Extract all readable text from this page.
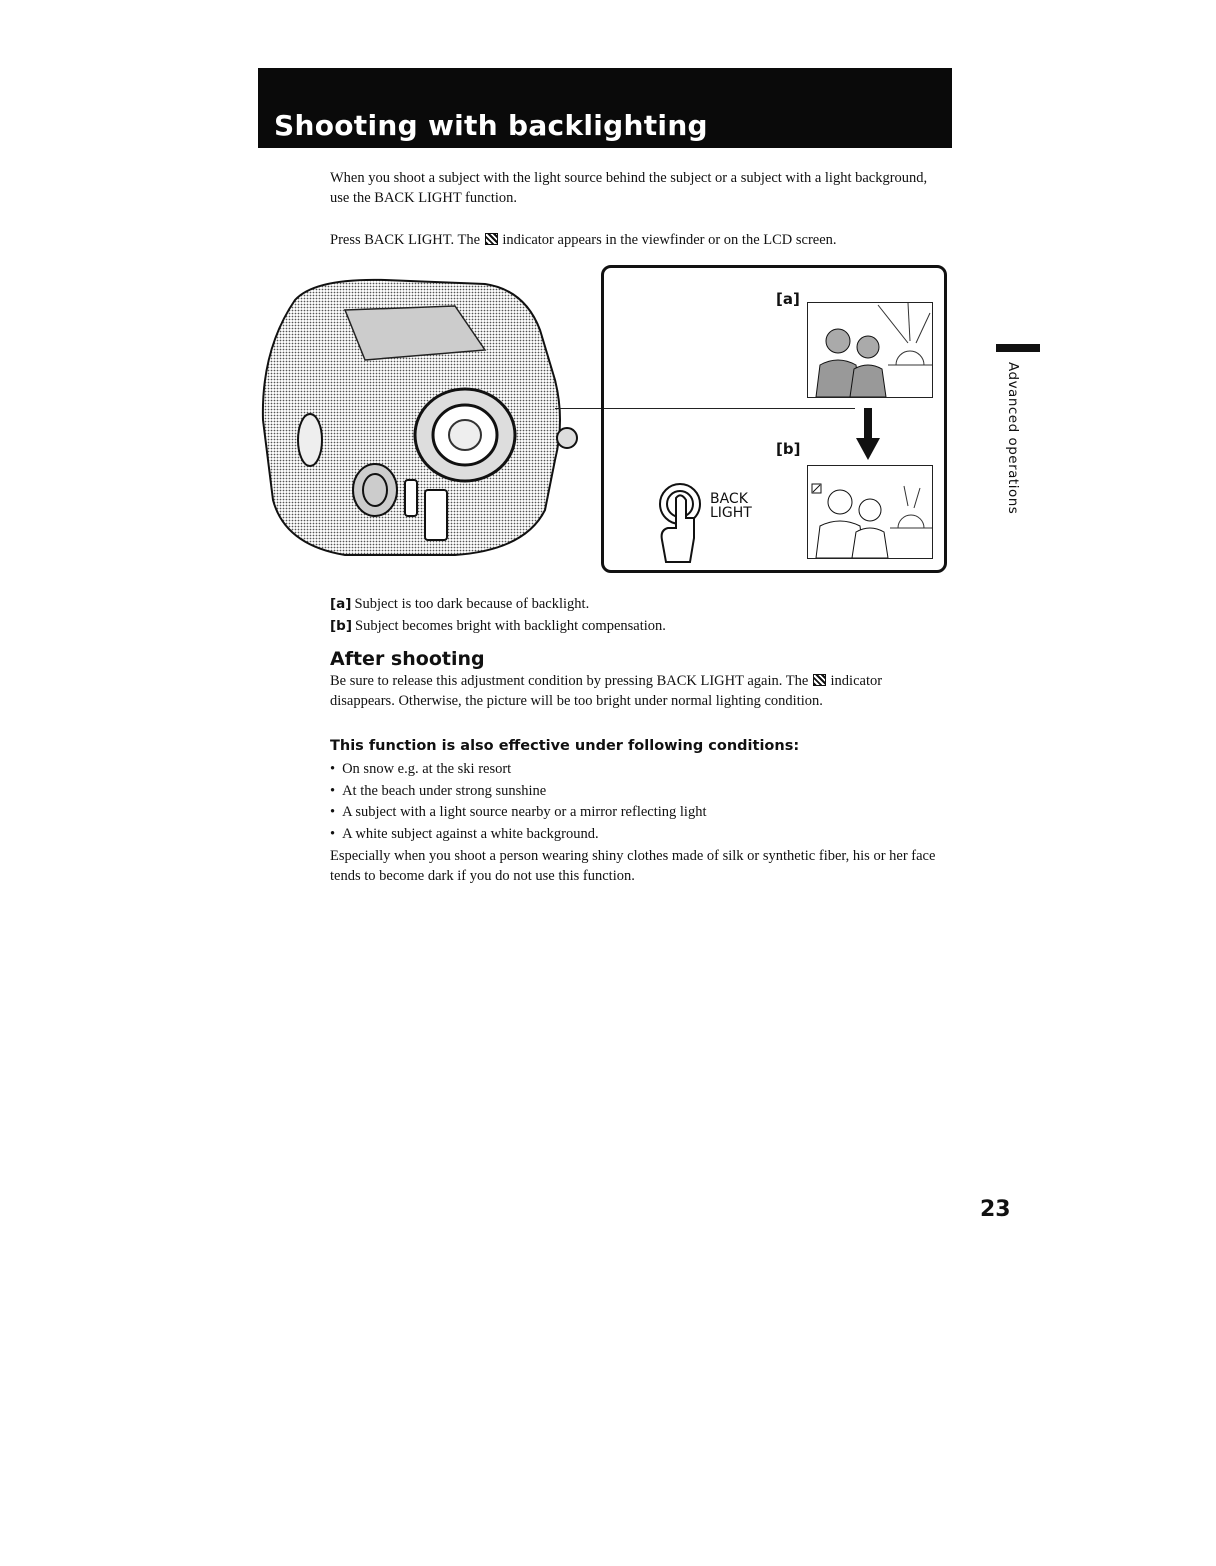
Shooting with backlighting
When you shoot a subject with the light source behind the subject or a subject with a light background, use the BACK LIGHT function.
Press BACK LIGHT. The indicator appears in the viewfinder or on the LCD screen.
[a]
[b]
BACK
LIGHT
[a] Subject is too dark because of backlight.
[b] Subject becomes bright with backlight compensation.
After shooting
Be sure to release this adjustment condition by pressing BACK LIGHT again. The indicator disappears. Otherwise, the picture will be too bright under normal lighting condition.
This function is also effective under following conditions:
• On snow e.g. at the ski resort
• At the beach under strong sunshine
• A subject with a light source nearby or a mirror reflecting light
• A white subject against a white background.
Especially when you shoot a person wearing shiny clothes made of silk or synthetic fiber, his or her face tends to become dark if you do not use this function.
Advanced operations
23
